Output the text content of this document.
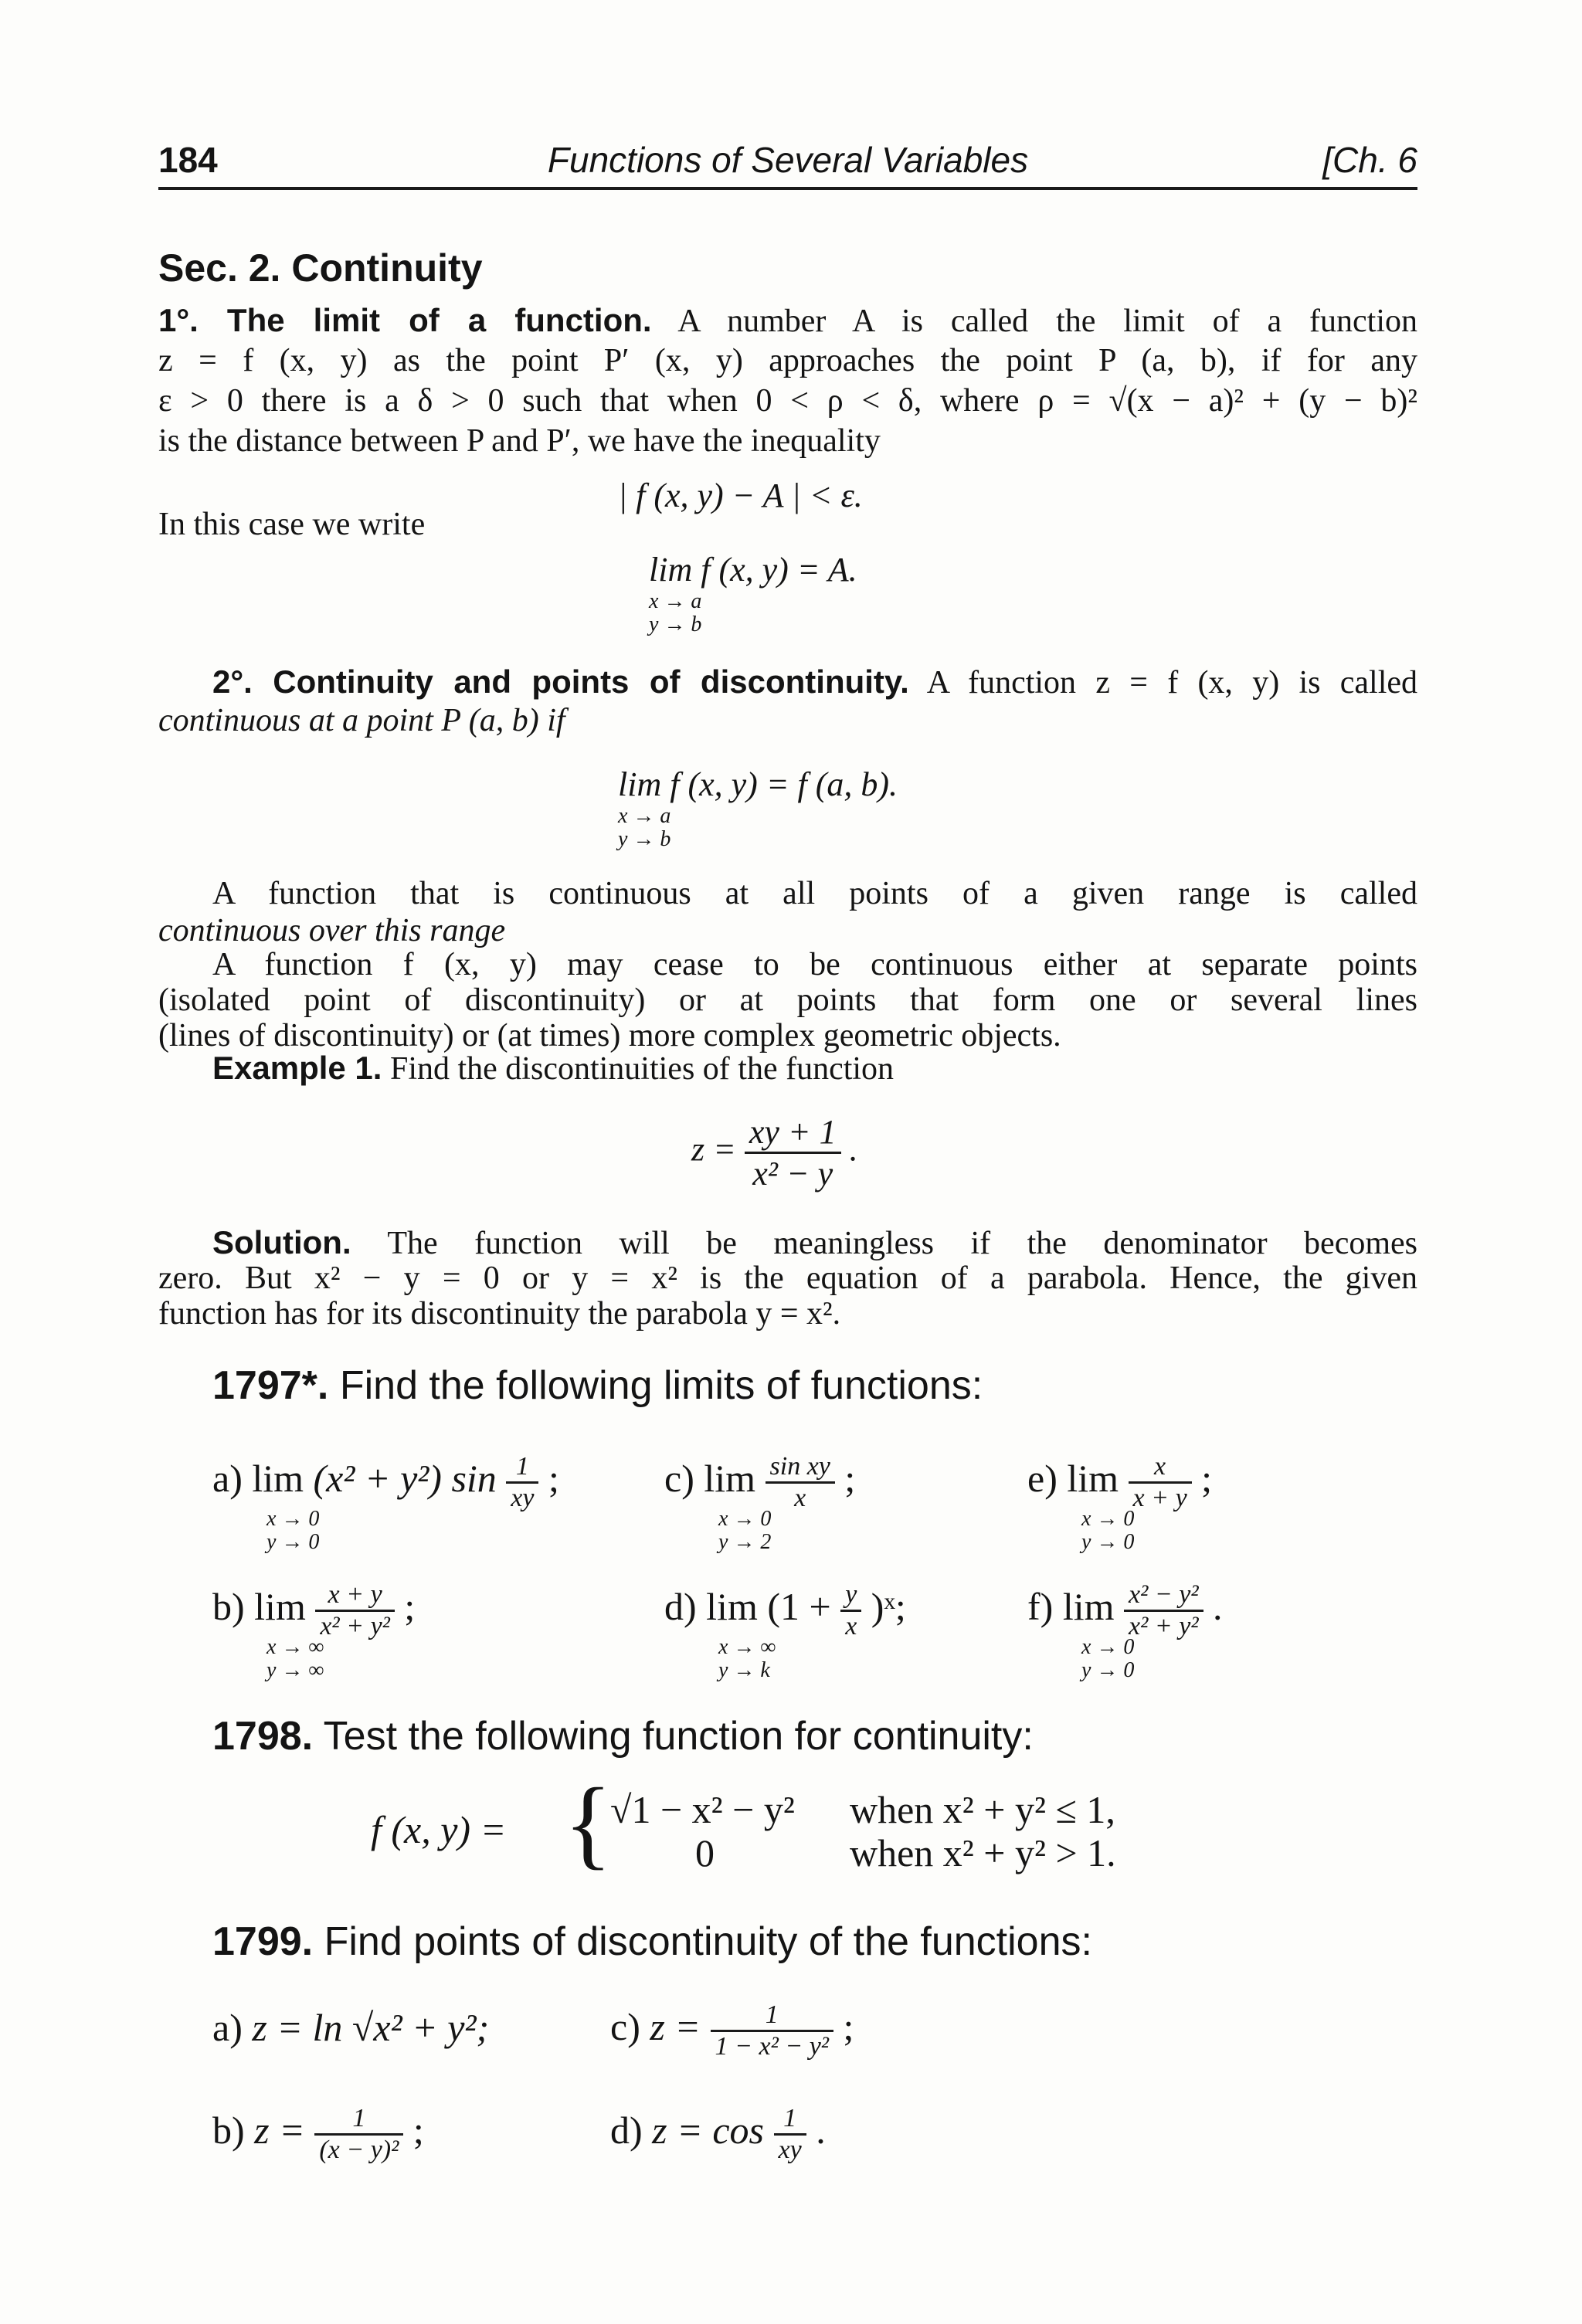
184	Functions of Several Variables	[Ch. 6
Sec. 2. Continuity
1°. The limit of a function. A number A is called the limit of a function
z = f (x, y) as the point P′ (x, y) approaches the point P (a, b), if for any
ε > 0 there is a δ > 0 such that when 0 < ρ < δ, where ρ = √(x − a)² + (y − b)²
is the distance between P and P′, we have the inequality
| f (x, y) − A | < ε.
In this case we write
lim f (x, y) = A.
x → a
y → b
2°. Continuity and points of discontinuity. A function z = f (x, y) is called
continuous at a point P (a, b) if
lim f (x, y) = f (a, b).
x → a
y → b
A function that is continuous at all points of a given range is called
continuous over this range
A function f (x, y) may cease to be continuous either at separate points
(isolated point of discontinuity) or at points that form one or several lines
(lines of discontinuity) or (at times) more complex geometric objects.
Example 1. Find the discontinuities of the function
$z = \frac{xy + 1}{\text{x² − y}}$ .
Solution. The function will be meaningless if the denominator becomes
zero. But x² − y = 0 or y = x² is the equation of a parabola. Hence, the given
function has for its discontinuity the parabola y = x².
1797*. Find the following limits of functions:
a) lim (x² + y²) $\sin \frac{1}{xy}$ ;
x → 0
y → 0
c) $\lim \frac{\text{sin xy}}{x}$ ;
x → 0
y → 2
e) $\lim \frac{x}{x + y}$ ;
x → 0
y → 0
b) $\lim \frac{x + y}{\text{x² + y²}}$ ;
x → ∞
y → ∞
d) $\lim (1 + \frac{y}{x}$ )ˣ;
x → ∞
y → k
f) $\lim \frac{\text{x² − y²}}{\text{x² + y²}}$ .
x → 0
y → 0
1798. Test the following function for continuity:
f (x, y) = {
√1 − x² − y² when x² + y² ≤ 1,
0	when x² + y² > 1.
1799. Find points of discontinuity of the functions:
a) z = ln √x² + y²;	c) $z = \frac{1}{\text{1 − x² − y²}}$ ;
b) $z = \frac{1}{\text{(x − y)²}}$ ;	d) $z = \cos \frac{1}{xy}$ .
